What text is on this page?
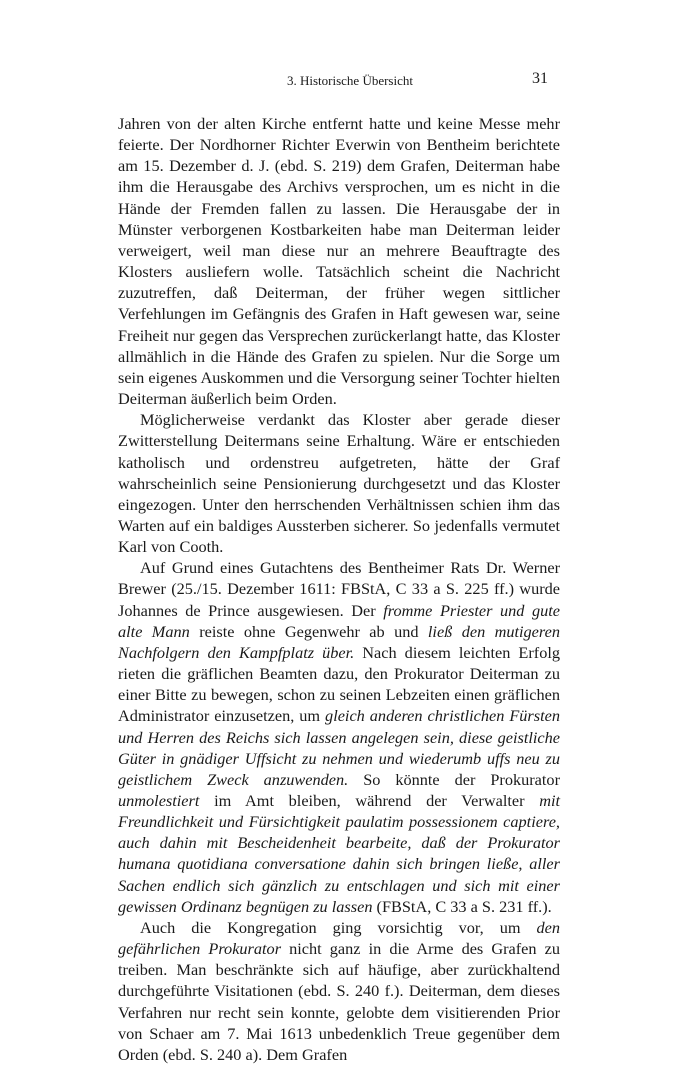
3. Historische Übersicht	31

Jahren von der alten Kirche entfernt hatte und keine Messe mehr feierte. Der Nordhorner Richter Everwin von Bentheim berichtete am 15. Dezember d. J. (ebd. S. 219) dem Grafen, Deiterman habe ihm die Herausgabe des Archivs versprochen, um es nicht in die Hände der Fremden fallen zu lassen. Die Herausgabe der in Münster verborgenen Kostbarkeiten habe man Deiterman leider verweigert, weil man diese nur an mehrere Beauftragte des Klosters ausliefern wolle. Tatsächlich scheint die Nachricht zuzutreffen, daß Deiterman, der früher wegen sittlicher Verfehlungen im Gefängnis des Grafen in Haft gewesen war, seine Freiheit nur gegen das Versprechen zurückerlangt hatte, das Kloster allmählich in die Hände des Grafen zu spielen. Nur die Sorge um sein eigenes Auskommen und die Versorgung seiner Tochter hielten Deiterman äußerlich beim Orden.

Möglicherweise verdankt das Kloster aber gerade dieser Zwitterstellung Deitermans seine Erhaltung. Wäre er entschieden katholisch und ordenstreu aufgetreten, hätte der Graf wahrscheinlich seine Pensionierung durchgesetzt und das Kloster eingezogen. Unter den herrschenden Verhältnissen schien ihm das Warten auf ein baldiges Aussterben sicherer. So jedenfalls vermutet Karl von Cooth.

Auf Grund eines Gutachtens des Bentheimer Rats Dr. Werner Brewer (25./15. Dezember 1611: FBStA, C 33 a S. 225 ff.) wurde Johannes de Prince ausgewiesen. Der fromme Priester und gute alte Mann reiste ohne Gegenwehr ab und ließ den mutigeren Nachfolgern den Kampfplatz über. Nach diesem leichten Erfolg rieten die gräflichen Beamten dazu, den Prokurator Deiterman zu einer Bitte zu bewegen, schon zu seinen Lebzeiten einen gräflichen Administrator einzusetzen, um gleich anderen christlichen Fürsten und Herren des Reichs sich lassen angelegen sein, diese geistliche Güter in gnädiger Uffsicht zu nehmen und wiederumb uffs neu zu geistlichem Zweck anzuwenden. So könnte der Prokurator unmolestiert im Amt bleiben, während der Verwalter mit Freundlichkeit und Fürsichtigkeit paulatim possessionem captiere, auch dahin mit Bescheidenheit bearbeite, daß der Prokurator humana quotidiana conversatione dahin sich bringen ließe, aller Sachen endlich sich gänzlich zu entschlagen und sich mit einer gewissen Ordinanz begnügen zu lassen (FBStA, C 33 a S. 231 ff.).

Auch die Kongregation ging vorsichtig vor, um den gefährlichen Prokurator nicht ganz in die Arme des Grafen zu treiben. Man beschränkte sich auf häufige, aber zurückhaltend durchgeführte Visitationen (ebd. S. 240 f.). Deiterman, dem dieses Verfahren nur recht sein konnte, gelobte dem visitierenden Prior von Schaer am 7. Mai 1613 unbedenklich Treue gegenüber dem Orden (ebd. S. 240 a). Dem Grafen
